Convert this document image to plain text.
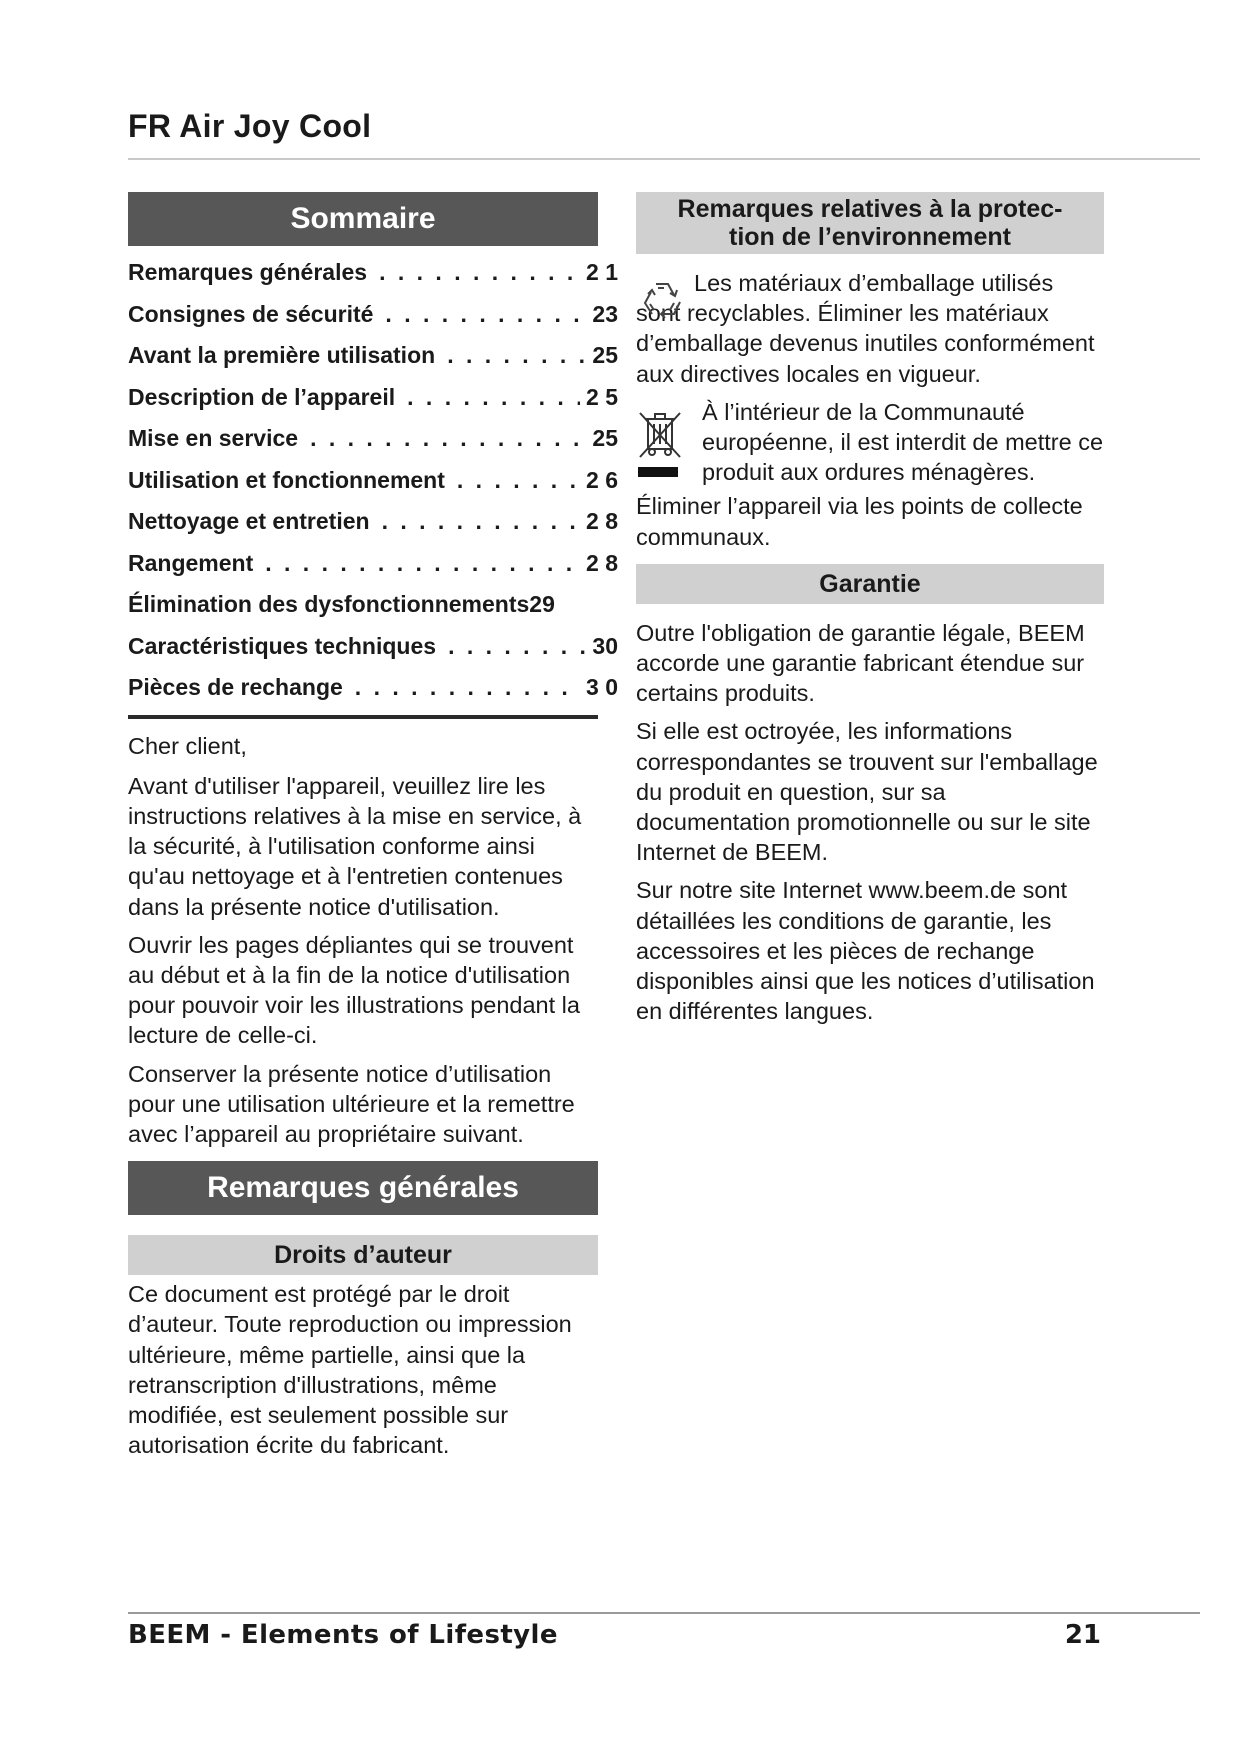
FR Air Joy Cool
Sommaire
Remarques générales . . .	2 1
Consignes de sécurité . . .	23
Avant la première utilisation . . .	25
Description de l’appareil . . .	2 5
Mise en service . . .	25
Utilisation et fonctionnement . . .	2 6
Nettoyage et entretien . . .	2 8
Rangement . . .	2 8
Élimination des dysfonctionnements 29
Caractéristiques techniques . . .	30
Pièces de rechange . . .	3 0

Cher client,

Avant d'utiliser l'appareil, veuillez lire les instructions relatives à la mise en service, à la sécurité, à l'utilisation conforme ainsi qu'au nettoyage et à l'entretien contenues dans la présente notice d'utilisation.

Ouvrir les pages dépliantes qui se trouvent au début et à la fin de la notice d'utilisation pour pouvoir voir les illustrations pendant la lecture de celle-ci.

Conserver la présente notice d’utilisation pour une utilisation ultérieure et la remettre avec l’appareil au propriétaire suivant.

Remarques générales
Droits d’auteur

Ce document est protégé par le droit d’auteur. Toute reproduction ou impression ultérieure, même partielle, ainsi que la retranscription d'illustrations, même modifiée, est seulement possible sur autorisation écrite du fabricant.

Remarques relatives à la protec-
tion de l’environnement

Les matériaux d’emballage utilisés sont recyclables. Éliminer les matériaux d’emballage devenus inutiles conformément aux directives locales en vigueur.

À l’intérieur de la Communauté européenne, il est interdit de mettre ce produit aux ordures ménagères.

Éliminer l’appareil via les points de collecte communaux.

Garantie

Outre l'obligation de garantie légale, BEEM accorde une garantie fabricant étendue sur certains produits.

Si elle est octroyée, les informations correspondantes se trouvent sur l'emballage du produit en question, sur sa documentation promotionnelle ou sur le site Internet de BEEM.

Sur notre site Internet www.beem.de sont détaillées les conditions de garantie, les accessoires et les pièces de rechange disponibles ainsi que les notices d’utilisation en différentes langues.

BEEM - Elements of Lifestyle	21
